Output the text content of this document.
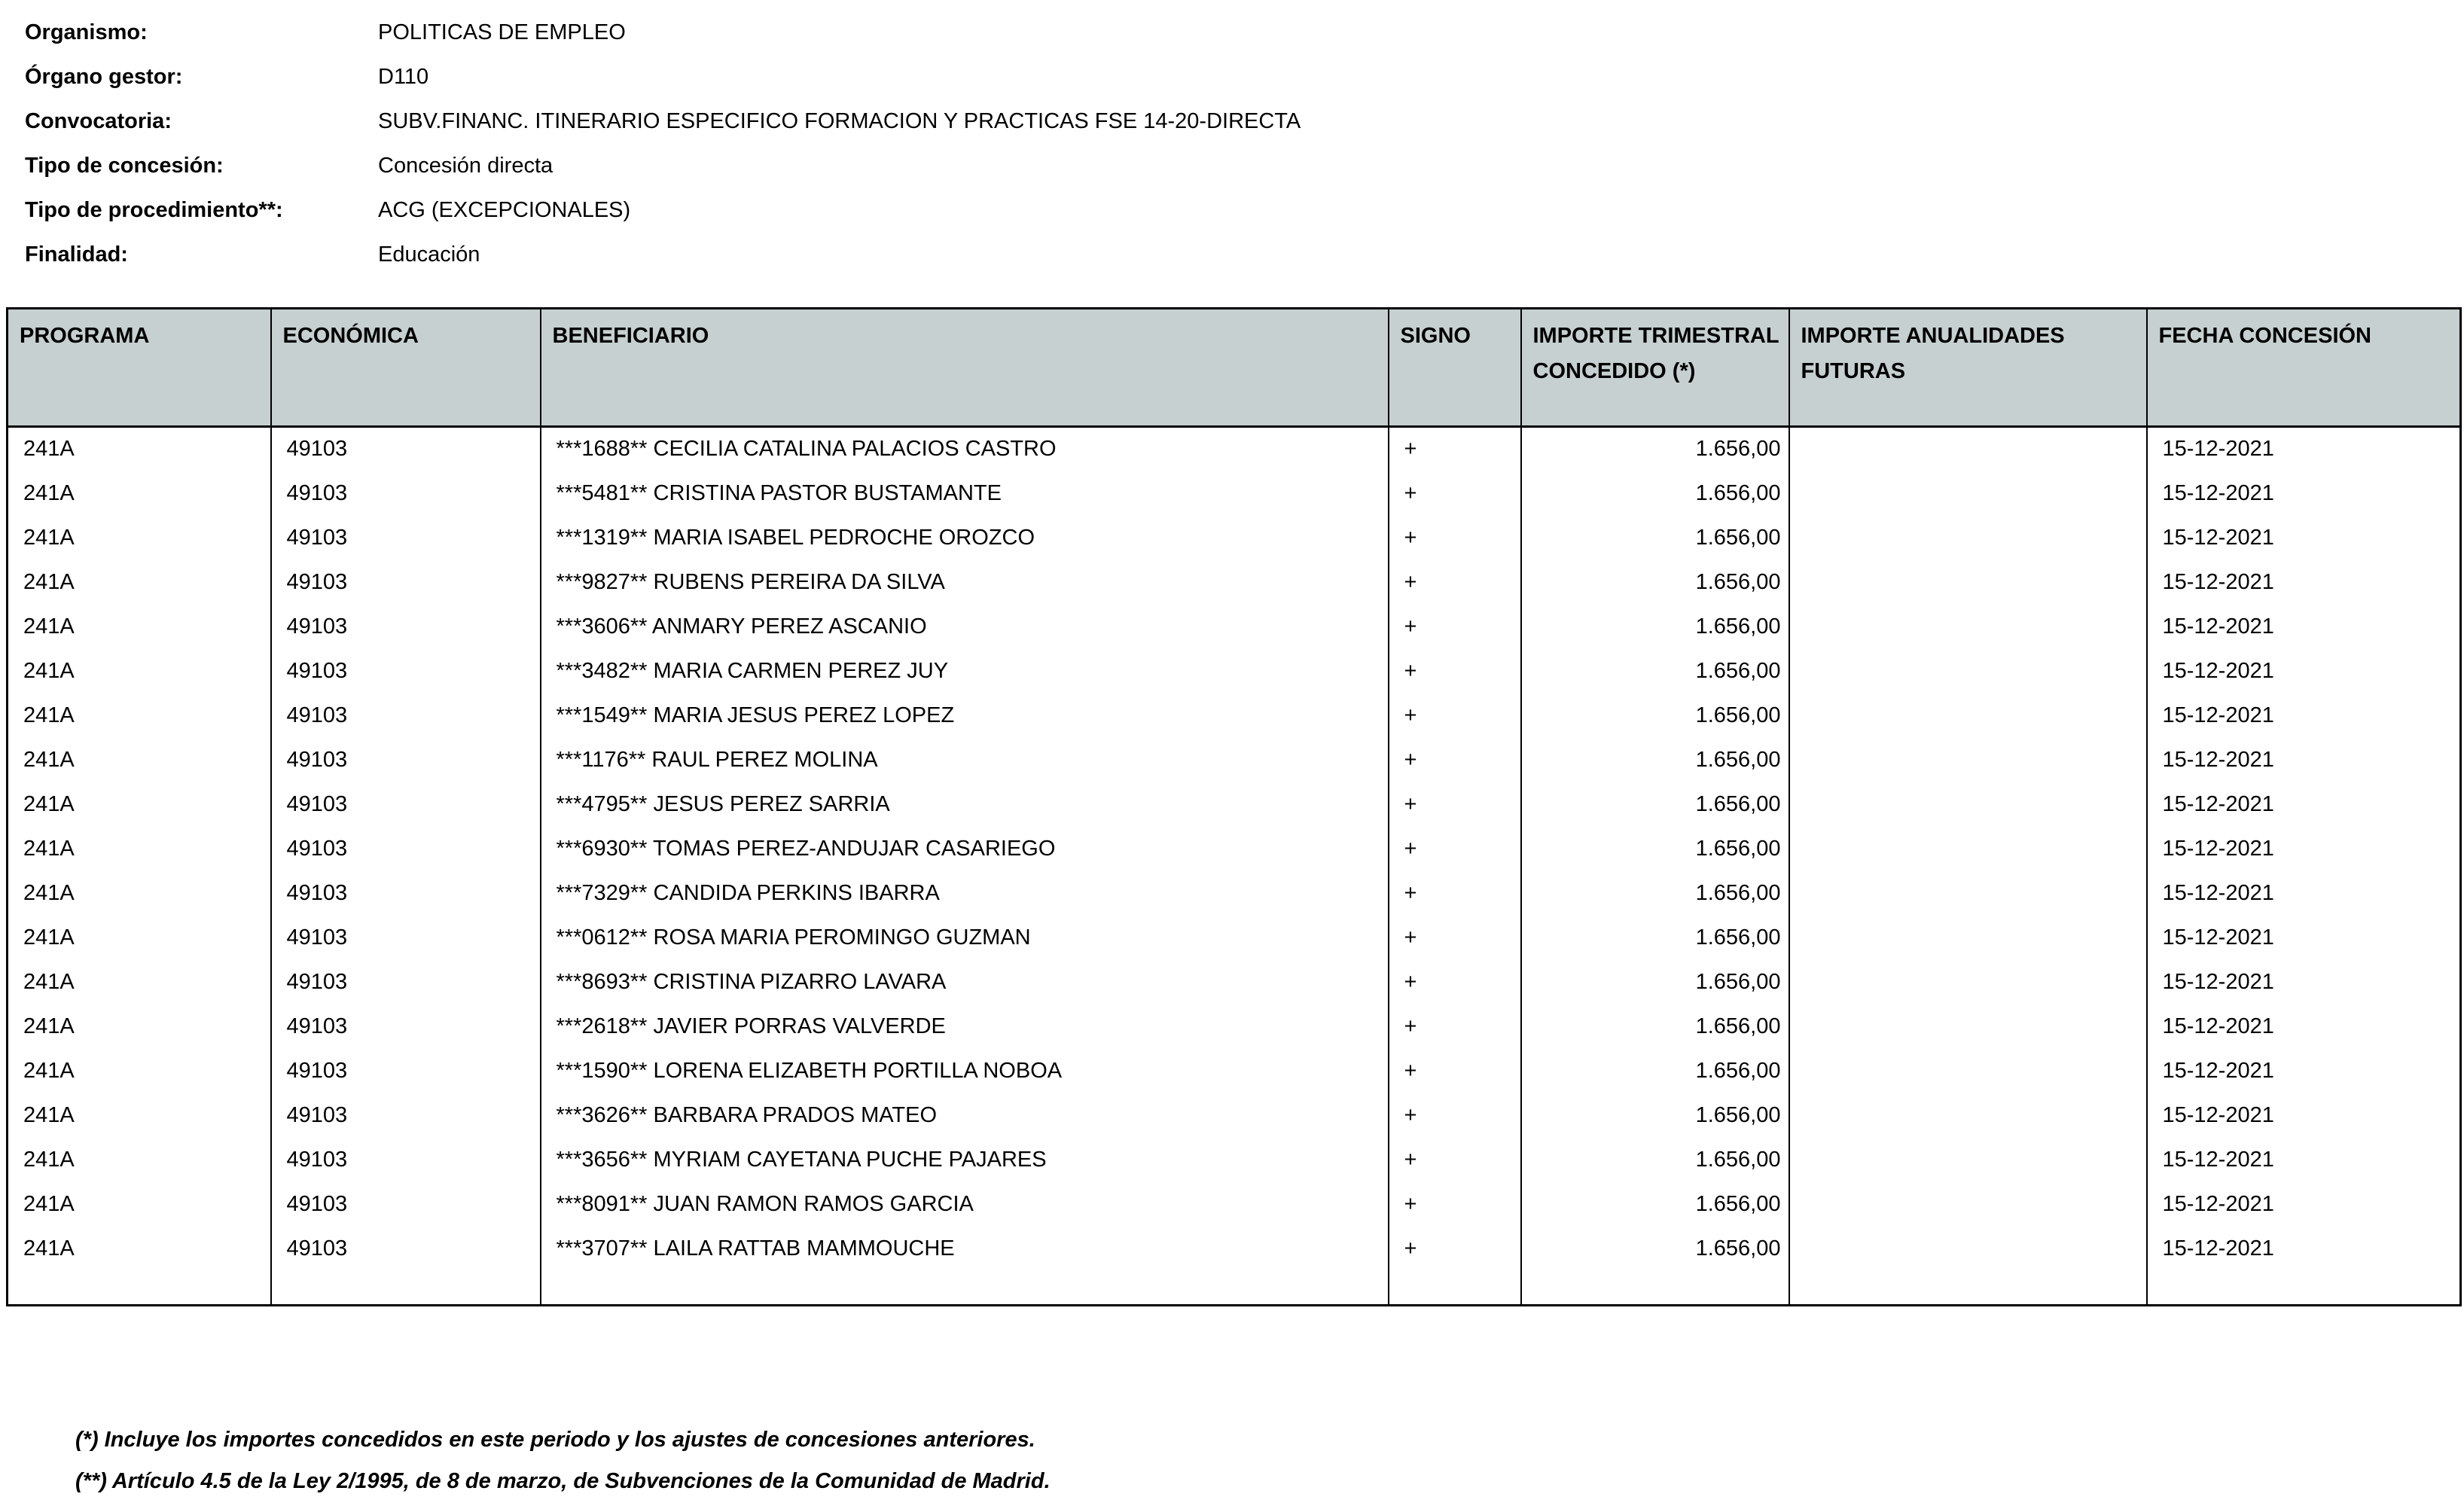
Organismo:	POLITICAS DE EMPLEO
Órgano gestor:	D110
Convocatoria:	SUBV.FINANC. ITINERARIO ESPECIFICO FORMACION Y PRACTICAS FSE 14-20-DIRECTA
Tipo de concesión:	Concesión directa
Tipo de procedimiento**:	ACG (EXCEPCIONALES)
Finalidad:	Educación
PROGRAMA	ECONÓMICA	BENEFICIARIO	SIGNO	IMPORTE TRIMESTRAL CONCEDIDO (*)	IMPORTE ANUALIDADES FUTURAS	FECHA CONCESIÓN
241A	49103	***1688** CECILIA CATALINA PALACIOS CASTRO	+	1.656,00		15-12-2021
241A	49103	***5481** CRISTINA PASTOR BUSTAMANTE	+	1.656,00		15-12-2021
241A	49103	***1319** MARIA ISABEL PEDROCHE OROZCO	+	1.656,00		15-12-2021
241A	49103	***9827** RUBENS PEREIRA DA SILVA	+	1.656,00		15-12-2021
241A	49103	***3606** ANMARY PEREZ ASCANIO	+	1.656,00		15-12-2021
241A	49103	***3482** MARIA CARMEN PEREZ JUY	+	1.656,00		15-12-2021
241A	49103	***1549** MARIA JESUS PEREZ LOPEZ	+	1.656,00		15-12-2021
241A	49103	***1176** RAUL PEREZ MOLINA	+	1.656,00		15-12-2021
241A	49103	***4795** JESUS PEREZ SARRIA	+	1.656,00		15-12-2021
241A	49103	***6930** TOMAS PEREZ-ANDUJAR CASARIEGO	+	1.656,00		15-12-2021
241A	49103	***7329** CANDIDA PERKINS IBARRA	+	1.656,00		15-12-2021
241A	49103	***0612** ROSA MARIA PEROMINGO GUZMAN	+	1.656,00		15-12-2021
241A	49103	***8693** CRISTINA PIZARRO LAVARA	+	1.656,00		15-12-2021
241A	49103	***2618** JAVIER PORRAS VALVERDE	+	1.656,00		15-12-2021
241A	49103	***1590** LORENA ELIZABETH PORTILLA NOBOA	+	1.656,00		15-12-2021
241A	49103	***3626** BARBARA PRADOS MATEO	+	1.656,00		15-12-2021
241A	49103	***3656** MYRIAM CAYETANA PUCHE PAJARES	+	1.656,00		15-12-2021
241A	49103	***8091** JUAN RAMON RAMOS GARCIA	+	1.656,00		15-12-2021
241A	49103	***3707** LAILA RATTAB MAMMOUCHE	+	1.656,00		15-12-2021

(*) Incluye los importes concedidos en este periodo y los ajustes de concesiones anteriores.
(**) Artículo 4.5 de la Ley 2/1995, de 8 de marzo, de Subvenciones de la Comunidad de Madrid.
